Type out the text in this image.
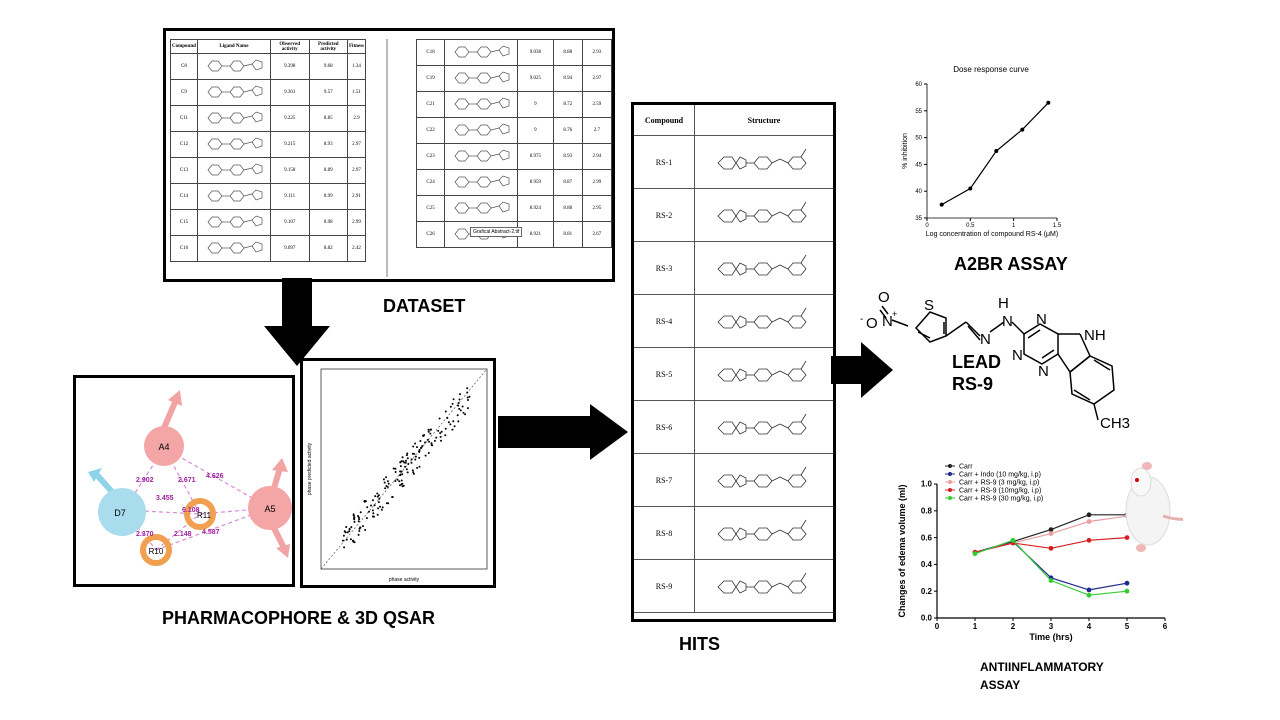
Compound	Ligand Name	Observed activity	Predicted activity	Fitness
C8		9.398	9.68	1.34
C9		9.301	9.57	1.51
C11		9.225	8.85	2.9
C12		9.215	8.93	2.97
C13		9.158	8.89	2.97
C14		9.111	8.99	2.91
C15		9.107	8.98	2.99
C16		9.097	8.82	2.42
C18		9.038	8.88	2.93
C19		9.025	8.94	2.97
C21		9	8.72	2.59
C22		9	8.76	2.7
C23		8.975	8.93	2.94
C24		8.959	8.87	2.99
C25		8.924	8.88	2.95
C26		8.921	8.81	2.67
Grafical Abstract-2.tif
DATASET
A4
D7	R11
R10
A5
2.902	2.671
4.626
3.455
6.108
2.370	2.148 4.587
phase activity
phase predicted activity
PHARMACOPHORE & 3D QSAR
Compound	Structure
RS-1	
RS-2	
RS-3	
RS-4	
RS-5	
RS-6	
RS-7	
RS-8	
RS-9	
HITS
Dose response curve
0	0.5	1	1.5
35
40
45
50
55
60
Log concentration of compound RS-4 (μM)
% inhibition
A2BR ASSAY
O
N +
O
-
S
N
H
N N
N
N
NH
CH3
LEAD
RS-9
0	1	2	3	4	5	6
0.0
0.2
0.4
0.6
0.8
1.0
Time (hrs)
Changes of edema volume (ml)
Carr
Carr + Indo (10 mg/kg, i.p)
Carr + RS-9 (3 mg/kg, i.p)
Carr + RS-9 (10mg/kg, i.p)
Carr + RS-9 (30 mg/kg, i.p)
ANTIINFLAMMATORY
ASSAY
